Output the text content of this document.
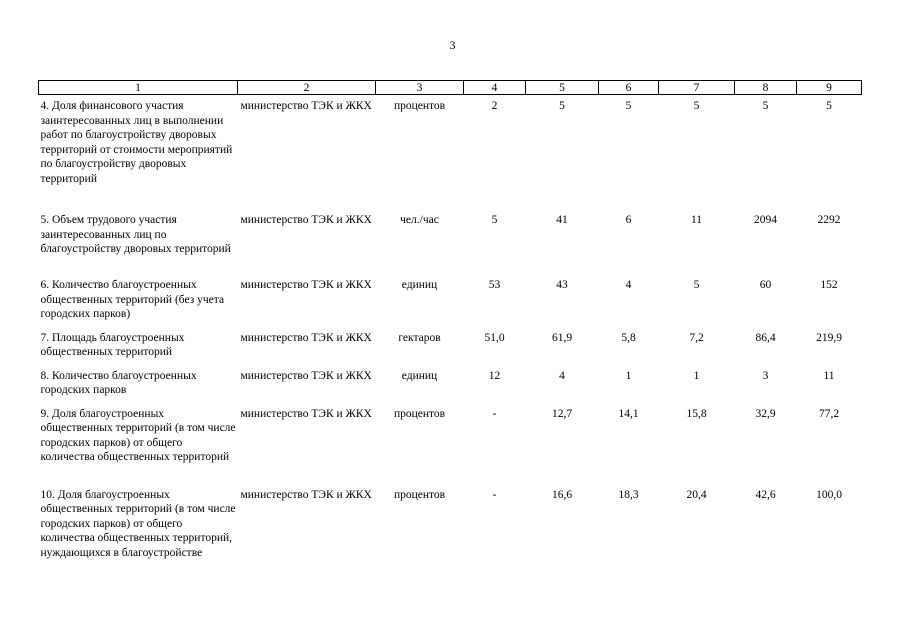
3
1	2	3	4	5	6	7	8	9
4. Доля финансового участия заинтересованных лиц в выполнении работ по благоустройству дворовых территорий от стоимости мероприятий по благоустройству дворовых территорий	министерство ТЭК и ЖКХ	процентов	2	5	5	5	5	5
5. Объем трудового участия заинтересованных лиц по благоустройству дворовых территорий	министерство ТЭК и ЖКХ	чел./час	5	41	6	11	2094	2292
6. Количество благоустроенных общественных территорий (без учета городских парков)	министерство ТЭК и ЖКХ	единиц	53	43	4	5	60	152
7. Площадь благоустроенных общественных территорий	министерство ТЭК и ЖКХ	гектаров	51,0	61,9	5,8	7,2	86,4	219,9
8. Количество благоустроенных городских парков	министерство ТЭК и ЖКХ	единиц	12	4	1	1	3	11
9. Доля благоустроенных общественных территорий (в том числе городских парков) от общего количества общественных территорий	министерство ТЭК и ЖКХ	процентов	-	12,7	14,1	15,8	32,9	77,2
10. Доля благоустроенных общественных территорий (в том числе городских парков) от общего количества общественных территорий, нуждающихся в благоустройстве	министерство ТЭК и ЖКХ	процентов	-	16,6	18,3	20,4	42,6	100,0
